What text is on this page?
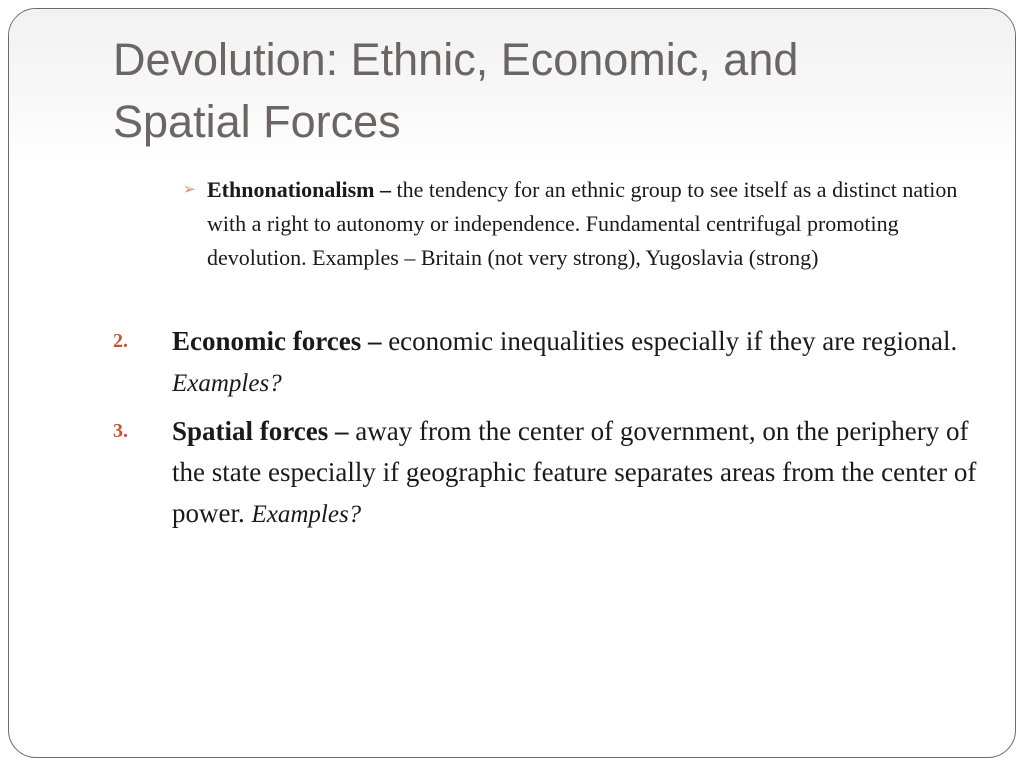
Devolution: Ethnic, Economic, and Spatial Forces
➢ Ethnonationalism – the tendency for an ethnic group to see itself as a distinct nation with a right to autonomy or independence. Fundamental centrifugal promoting devolution. Examples – Britain (not very strong), Yugoslavia (strong)
2.	Economic forces – economic inequalities especially if they are regional. Examples?
3.	Spatial forces – away from the center of government, on the periphery of the state especially if geographic feature separates areas from the center of power. Examples?
